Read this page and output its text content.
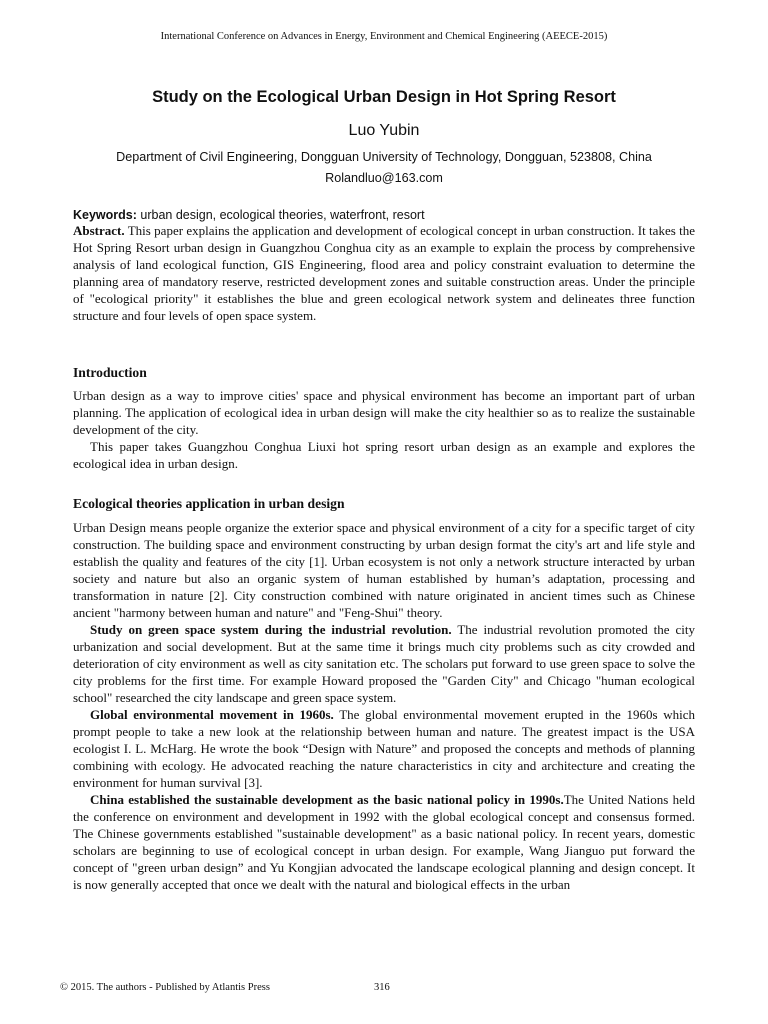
International Conference on Advances in Energy, Environment and Chemical Engineering (AEECE-2015)
Study on the Ecological Urban Design in Hot Spring Resort
Luo Yubin
Department of Civil Engineering, Dongguan University of Technology, Dongguan, 523808, China
Rolandluo@163.com
Keywords: urban design, ecological theories, waterfront, resort
Abstract. This paper explains the application and development of ecological concept in urban construction. It takes the Hot Spring Resort urban design in Guangzhou Conghua city as an example to explain the process by comprehensive analysis of land ecological function, GIS Engineering, flood area and policy constraint evaluation to determine the planning area of mandatory reserve, restricted development zones and suitable construction areas. Under the principle of "ecological priority" it establishes the blue and green ecological network system and delineates three function structure and four levels of open space system.
Introduction

Urban design as a way to improve cities' space and physical environment has become an important part of urban planning. The application of ecological idea in urban design will make the city healthier so as to realize the sustainable development of the city.

This paper takes Guangzhou Conghua Liuxi hot spring resort urban design as an example and explores the ecological idea in urban design.

Ecological theories application in urban design

Urban Design means people organize the exterior space and physical environment of a city for a specific target of city construction. The building space and environment constructing by urban design format the city's art and life style and establish the quality and features of the city [1]. Urban ecosystem is not only a network structure interacted by urban society and nature but also an organic system of human established by human’s adaptation, processing and transformation in nature [2]. City construction combined with nature originated in ancient times such as Chinese ancient "harmony between human and nature" and "Feng-Shui" theory.

Study on green space system during the industrial revolution. The industrial revolution promoted the city urbanization and social development. But at the same time it brings much city problems such as city crowded and deterioration of city environment as well as city sanitation etc. The scholars put forward to use green space to solve the city problems for the first time. For example Howard proposed the "Garden City" and Chicago "human ecological school" researched the city landscape and green space system.

Global environmental movement in 1960s. The global environmental movement erupted in the 1960s which prompt people to take a new look at the relationship between human and nature. The greatest impact is the USA ecologist I. L. McHarg. He wrote the book “Design with Nature” and proposed the concepts and methods of planning combining with ecology. He advocated reaching the nature characteristics in city and architecture and creating the environment for human survival [3].

China established the sustainable development as the basic national policy in 1990s.The United Nations held the conference on environment and development in 1992 with the global ecological concept and consensus formed. The Chinese governments established "sustainable development" as a basic national policy. In recent years, domestic scholars are beginning to use of ecological concept in urban design. For example, Wang Jianguo put forward the concept of "green urban design” and Yu Kongjian advocated the landscape ecological planning and design concept. It is now generally accepted that once we dealt with the natural and biological effects in the urban

© 2015. The authors - Published by Atlantis Press	316
